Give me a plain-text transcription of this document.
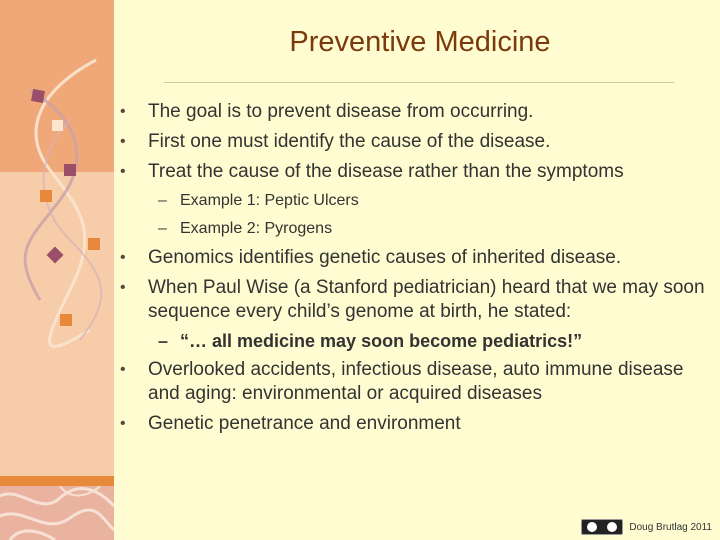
Preventive Medicine
• The goal is to prevent disease from occurring.
• First one must identify the cause of the disease.
• Treat the cause of the disease rather than the symptoms
– Example 1: Peptic Ulcers
– Example 2: Pyrogens
• Genomics identifies genetic causes of inherited disease.
• When Paul Wise (a Stanford pediatrician) heard that we may soon sequence every child’s genome at birth, he stated:
– “… all medicine may soon become pediatrics!”
• Overlooked accidents, infectious disease, auto immune disease and aging: environmental or acquired diseases
• Genetic penetrance and environment
Doug Brutlag 2011
